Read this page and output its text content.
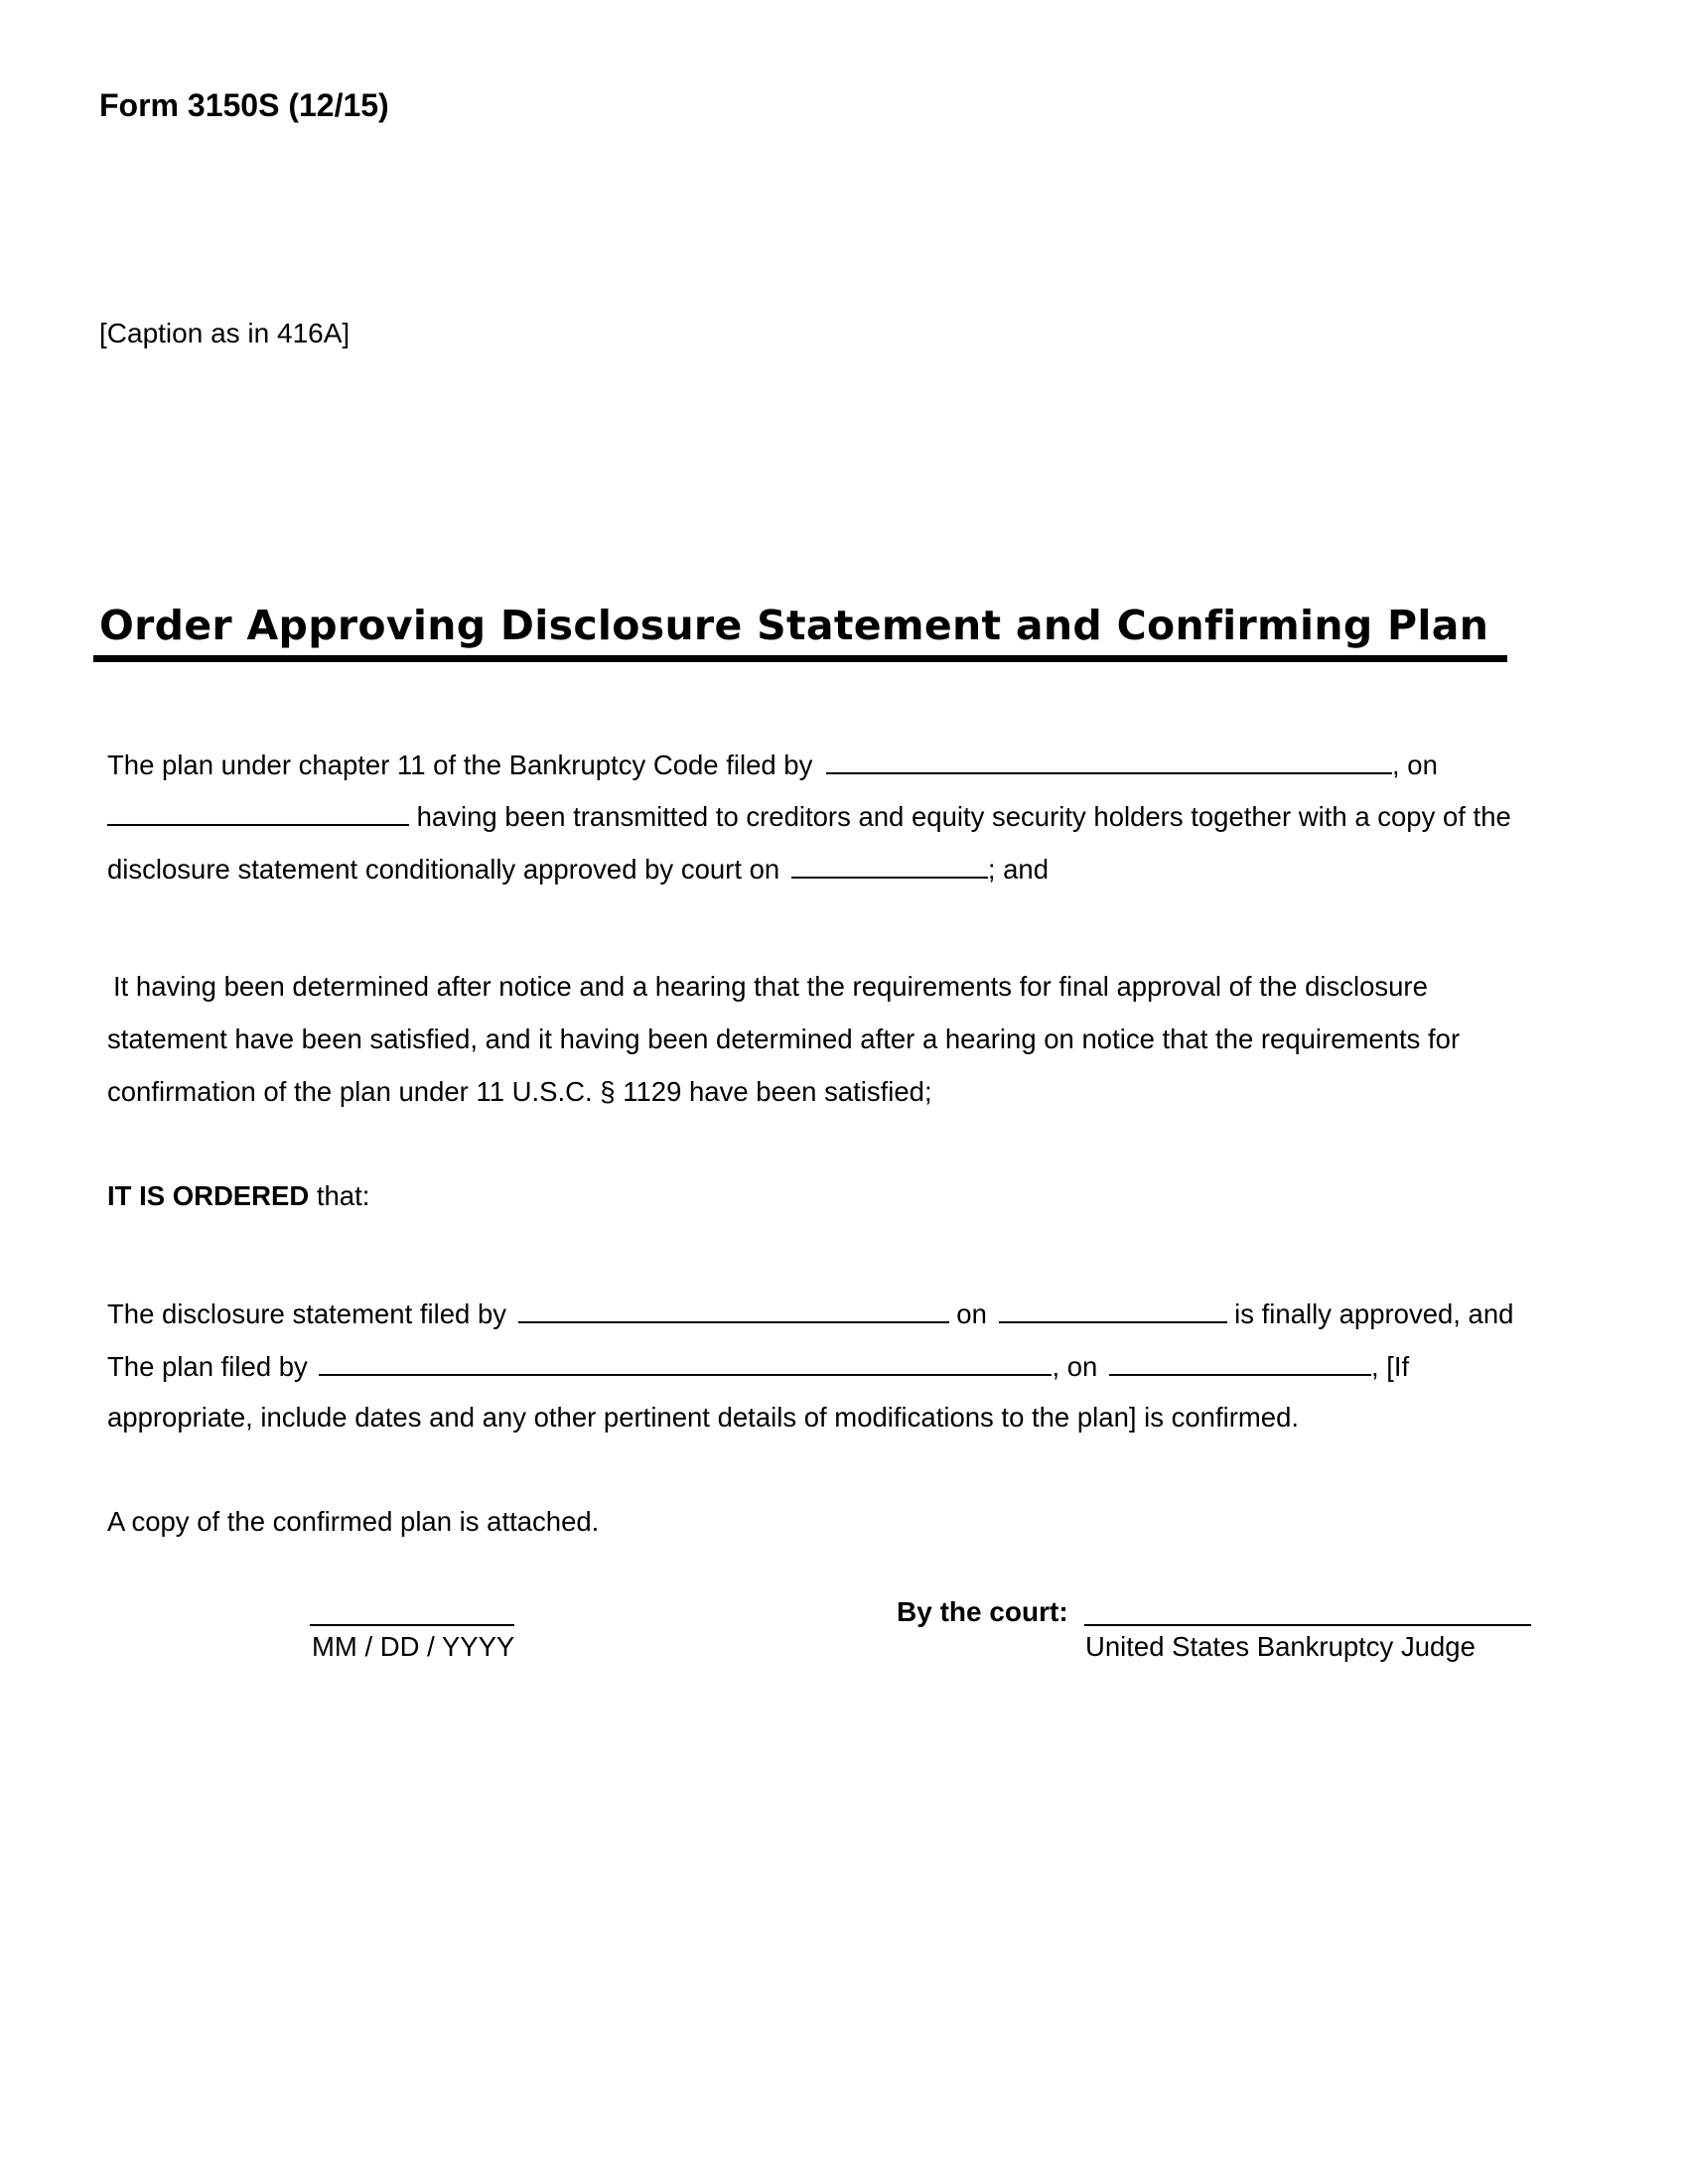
Form 3150S (12/15)
[Caption as in 416A]
Order Approving Disclosure Statement and Confirming Plan
The plan under chapter 11 of the Bankruptcy Code filed by	, on
having been transmitted to creditors and equity security holders together with a copy of the
disclosure statement conditionally approved by court on	; and
It having been determined after notice and a hearing that the requirements for final approval of the disclosure
statement have been satisfied, and it having been determined after a hearing on notice that the requirements for
confirmation of the plan under 11 U.S.C. § 1129 have been satisfied;
IT IS ORDERED that:
The disclosure statement filed by	on	is finally approved, and
The plan filed by	, on	, [If
appropriate, include dates and any other pertinent details of modifications to the plan] is confirmed.
A copy of the confirmed plan is attached.
MM / DD / YYYY
By the court:
United States Bankruptcy Judge
